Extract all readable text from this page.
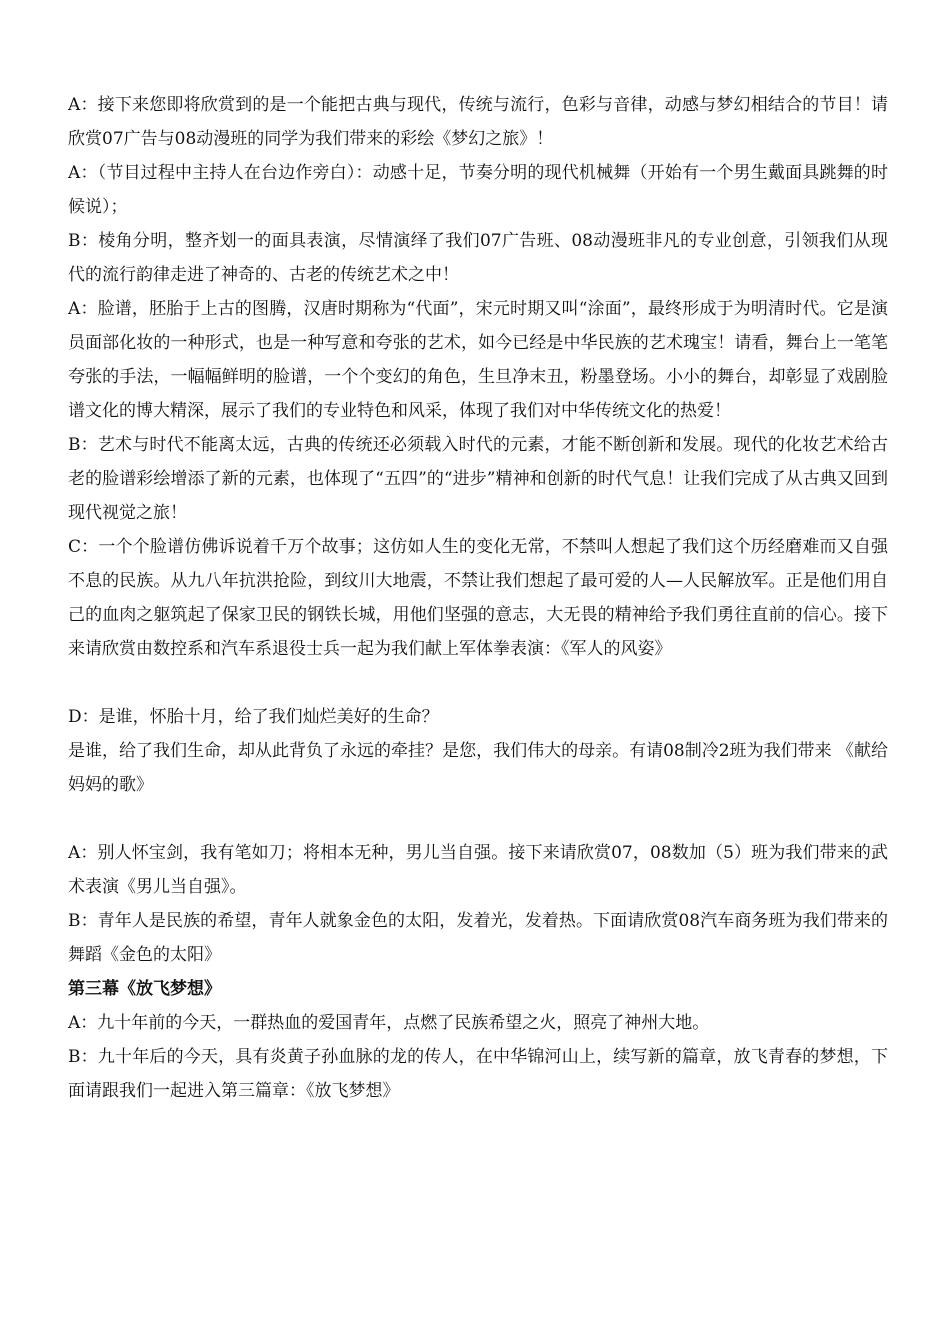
A：接下来您即将欣赏到的是一个能把古典与现代，传统与流行，色彩与音律，动感与梦幻相结合的节目！请欣赏07广告与08动漫班的同学为我们带来的彩绘《梦幻之旅》！

A：（节目过程中主持人在台边作旁白）：动感十足，节奏分明的现代机械舞（开始有一个男生戴面具跳舞的时候说）；

B：棱角分明，整齐划一的面具表演，尽情演绎了我们07广告班、08动漫班非凡的专业创意，引领我们从现代的流行韵律走进了神奇的、古老的传统艺术之中！

A：脸谱，胚胎于上古的图腾，汉唐时期称为“代面”，宋元时期又叫“涂面”，最终形成于为明清时代。它是演员面部化妆的一种形式，也是一种写意和夸张的艺术，如今已经是中华民族的艺术瑰宝！请看，舞台上一笔笔夸张的手法，一幅幅鲜明的脸谱，一个个变幻的角色，生旦净末丑，粉墨登场。小小的舞台，却彰显了戏剧脸谱文化的博大精深，展示了我们的专业特色和风采，体现了我们对中华传统文化的热爱！

B：艺术与时代不能离太远，古典的传统还必须载入时代的元素，才能不断创新和发展。现代的化妆艺术给古老的脸谱彩绘增添了新的元素，也体现了“五四”的“进步”精神和创新的时代气息！让我们完成了从古典又回到现代视觉之旅！

C：一个个脸谱仿佛诉说着千万个故事；这仿如人生的变化无常，不禁叫人想起了我们这个历经磨难而又自强不息的民族。从九八年抗洪抢险，到纹川大地震，不禁让我们想起了最可爱的人—人民解放军。正是他们用自己的血肉之躯筑起了保家卫民的钢铁长城，用他们坚强的意志，大无畏的精神给予我们勇往直前的信心。接下来请欣赏由数控系和汽车系退役士兵一起为我们献上军体拳表演：《军人的风姿》

D：是谁，怀胎十月，给了我们灿烂美好的生命？

是谁，给了我们生命，却从此背负了永远的牵挂？是您，我们伟大的母亲。有请08制冷2班为我们带来 《献给妈妈的歌》

A：别人怀宝剑，我有笔如刀；将相本无种，男儿当自强。接下来请欣赏07，08数加（5）班为我们带来的武术表演《男儿当自强》。

B：青年人是民族的希望，青年人就象金色的太阳，发着光，发着热。下面请欣赏08汽车商务班为我们带来的舞蹈《金色的太阳》

第三幕《放飞梦想》

A：九十年前的今天，一群热血的爱国青年，点燃了民族希望之火，照亮了神州大地。

B：九十年后的今天，具有炎黄子孙血脉的龙的传人，在中华锦河山上，续写新的篇章，放飞青春的梦想，下面请跟我们一起进入第三篇章：《放飞梦想》
